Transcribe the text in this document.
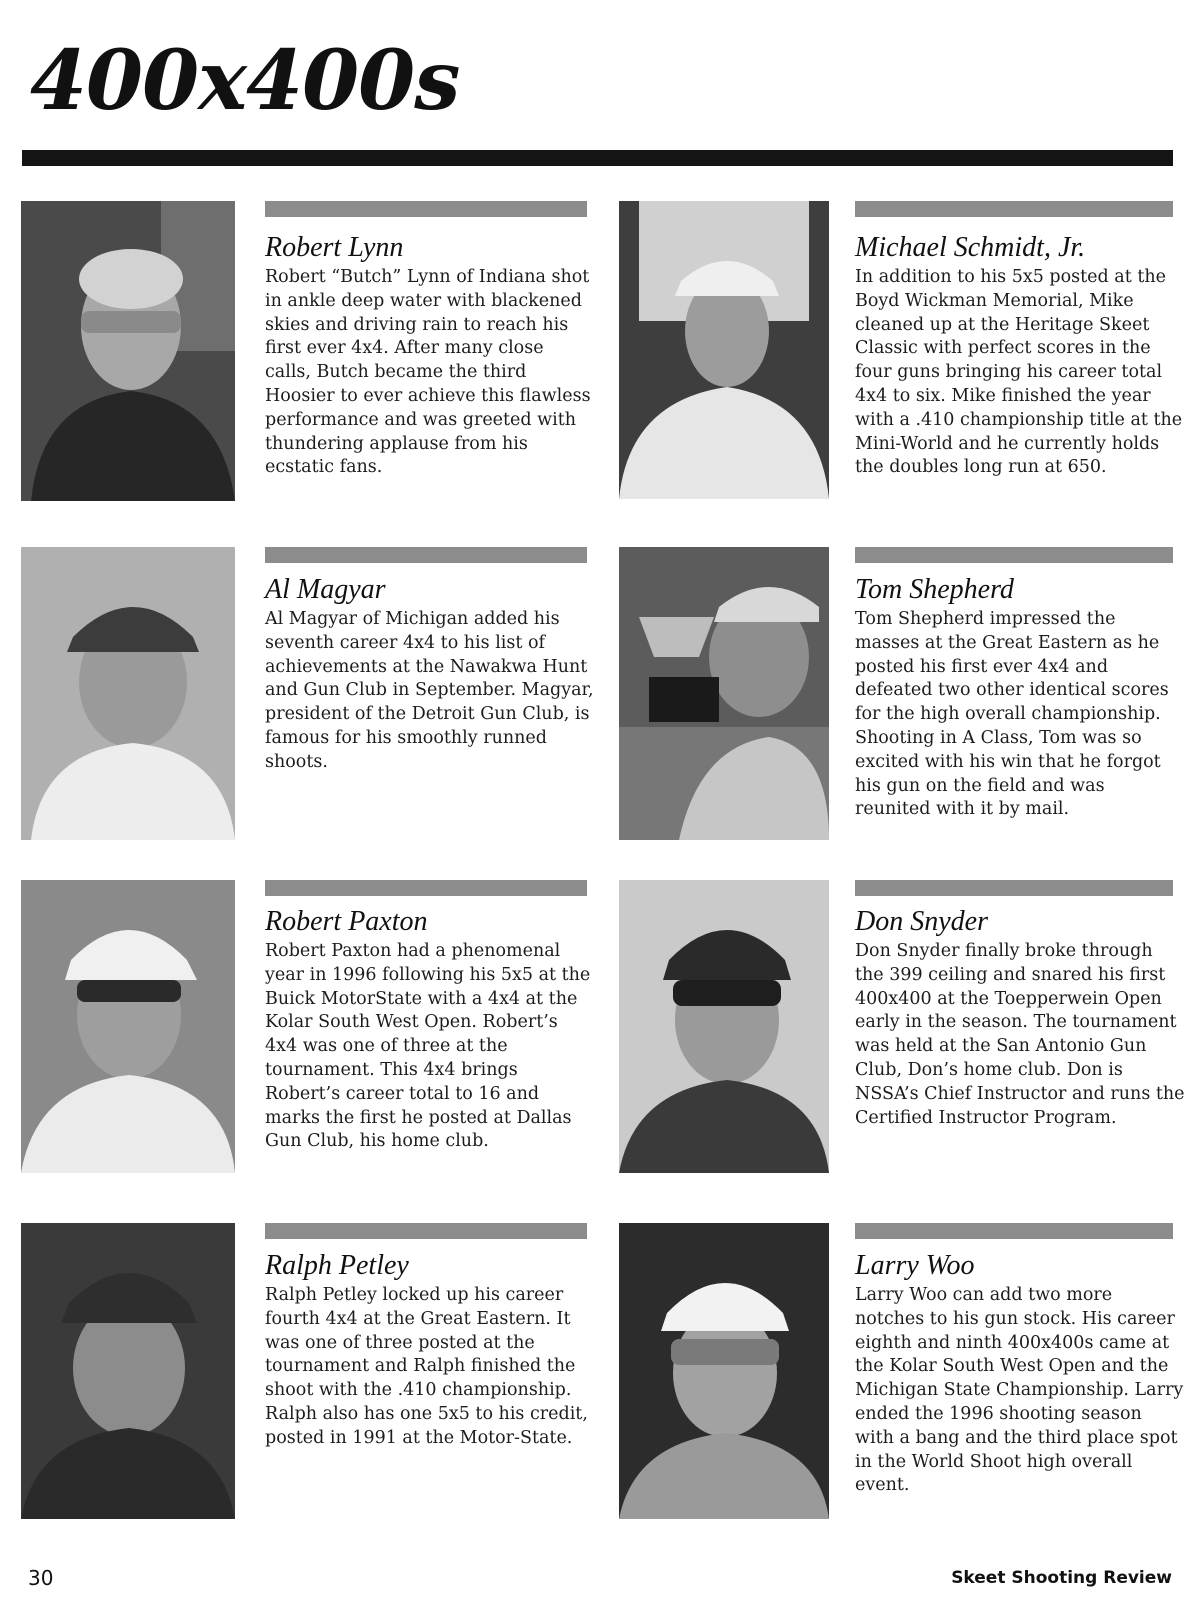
400x400s
Robert Lynn

Robert “Butch” Lynn of Indiana shot in ankle deep water with blackened skies and driving rain to reach his first ever 4x4. After many close calls, Butch became the third Hoosier to ever achieve this flawless performance and was greeted with thundering applause from his ecstatic fans.

Michael Schmidt, Jr.

In addition to his 5x5 posted at the Boyd Wickman Memorial, Mike cleaned up at the Heritage Skeet Classic with perfect scores in the four guns bringing his career total 4x4 to six. Mike finished the year with a .410 championship title at the Mini-World and he currently holds the doubles long run at 650.

Al Magyar

Al Magyar of Michigan added his seventh career 4x4 to his list of achievements at the Nawakwa Hunt and Gun Club in September. Magyar, president of the Detroit Gun Club, is famous for his smoothly runned shoots.

Tom Shepherd

Tom Shepherd impressed the masses at the Great Eastern as he posted his first ever 4x4 and defeated two other identical scores for the high overall championship. Shooting in A Class, Tom was so excited with his win that he forgot his gun on the field and was reunited with it by mail.

Robert Paxton

Robert Paxton had a phenomenal year in 1996 following his 5x5 at the Buick MotorState with a 4x4 at the Kolar South West Open. Robert’s 4x4 was one of three at the tournament. This 4x4 brings Robert’s career total to 16 and marks the first he posted at Dallas Gun Club, his home club.

Don Snyder

Don Snyder finally broke through the 399 ceiling and snared his first 400x400 at the Toepperwein Open early in the season. The tournament was held at the San Antonio Gun Club, Don’s home club. Don is NSSA’s Chief Instructor and runs the Certified Instructor Program.

Ralph Petley

Ralph Petley locked up his career fourth 4x4 at the Great Eastern. It was one of three posted at the tournament and Ralph finished the shoot with the .410 championship. Ralph also has one 5x5 to his credit, posted in 1991 at the Motor-State.

Larry Woo

Larry Woo can add two more notches to his gun stock. His career eighth and ninth 400x400s came at the Kolar South West Open and the Michigan State Championship. Larry ended the 1996 shooting season with a bang and the third place spot in the World Shoot high overall event.

30	Skeet Shooting Review
